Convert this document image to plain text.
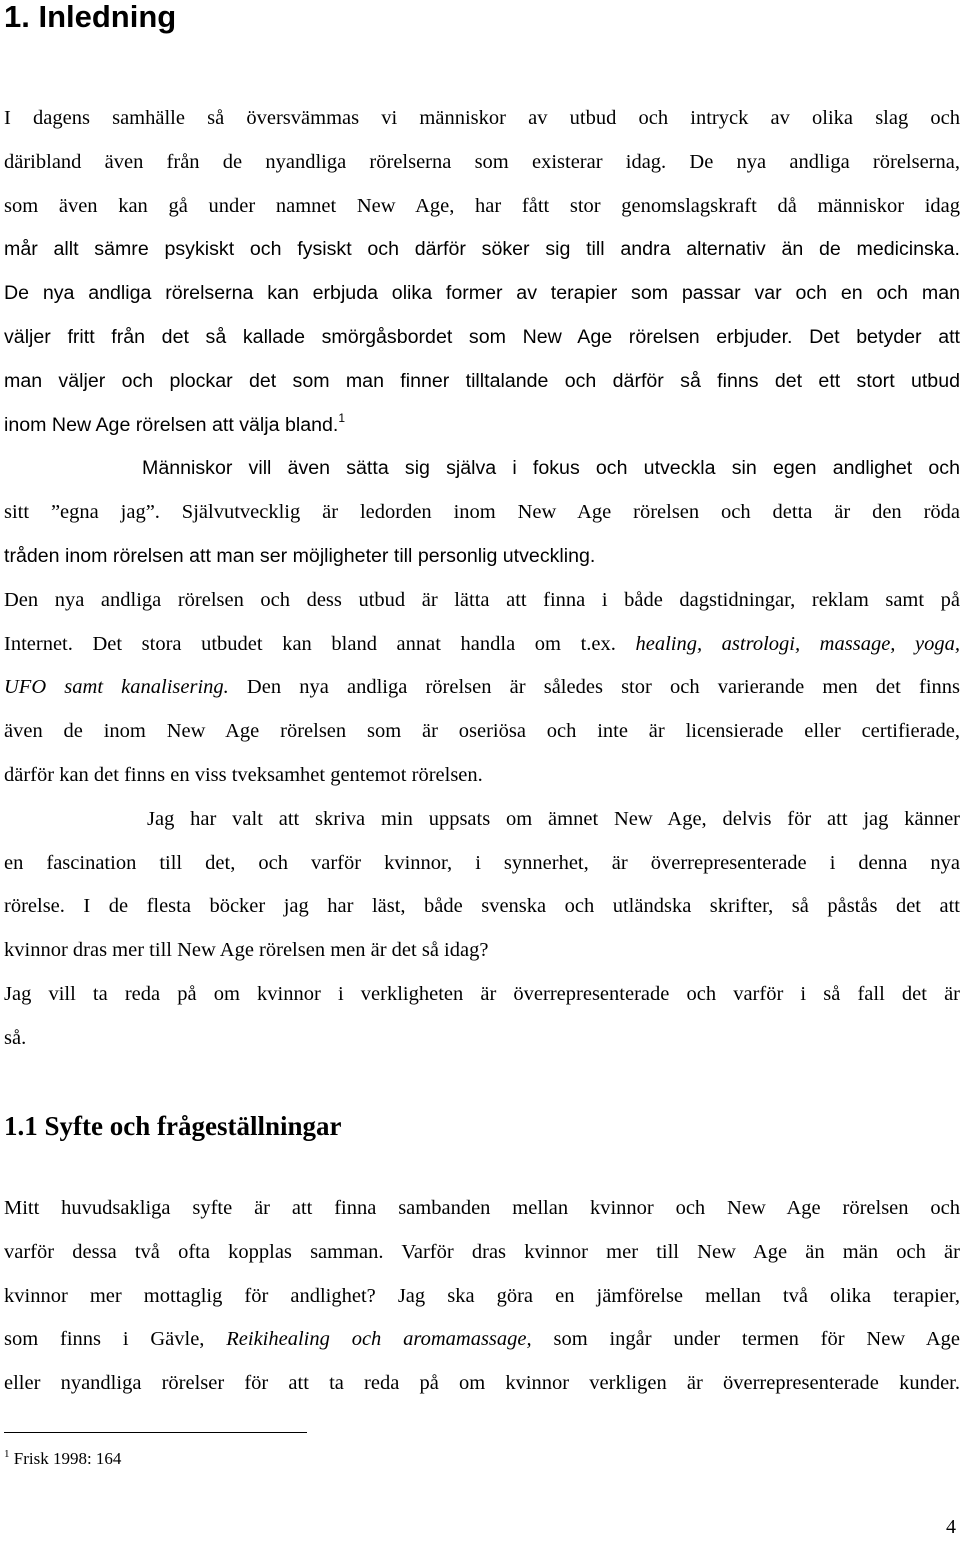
1. Inledning
I dagens samhälle så översvämmas vi människor av utbud och intryck av olika slag och
däribland även från de nyandliga rörelserna som existerar idag. De nya andliga rörelserna,
som även kan gå under namnet New Age, har fått stor genomslagskraft då människor idag
mår allt sämre psykiskt och fysiskt och därför söker sig till andra alternativ än de medicinska.
De nya andliga rörelserna kan erbjuda olika former av terapier som passar var och en och man
väljer fritt från det så kallade smörgåsbordet som New Age rörelsen erbjuder. Det betyder att
man väljer och plockar det som man finner tilltalande och därför så finns det ett stort utbud
inom New Age rörelsen att välja bland.$^1$
Människor vill även sätta sig själva i fokus och utveckla sin egen andlighet och
sitt ”egna jag”. Självutvecklig är ledorden inom New Age rörelsen och detta är den röda
tråden inom rörelsen att man ser möjligheter till personlig utveckling.
Den nya andliga rörelsen och dess utbud är lätta att finna i både dagstidningar, reklam samt på
Internet. Det stora utbudet kan bland annat handla om t.ex. healing, astrologi, massage, yoga,
UFO samt kanalisering. Den nya andliga rörelsen är således stor och varierande men det finns
även de inom New Age rörelsen som är oseriösa och inte är licensierade eller certifierade,
därför kan det finns en viss tveksamhet gentemot rörelsen.
Jag har valt att skriva min uppsats om ämnet New Age, delvis för att jag känner
en fascination till det, och varför kvinnor, i synnerhet, är överrepresenterade i denna nya
rörelse. I de flesta böcker jag har läst, både svenska och utländska skrifter, så påstås det att
kvinnor dras mer till New Age rörelsen men är det så idag?
Jag vill ta reda på om kvinnor i verkligheten är överrepresenterade och varför i så fall det är
så.
1.1 Syfte och frågeställningar
Mitt huvudsakliga syfte är att finna sambanden mellan kvinnor och New Age rörelsen och
varför dessa två ofta kopplas samman. Varför dras kvinnor mer till New Age än män och är
kvinnor mer mottaglig för andlighet? Jag ska göra en jämförelse mellan två olika terapier,
som finns i Gävle, Reikihealing och aromamassage, som ingår under termen för New Age
eller nyandliga rörelser för att ta reda på om kvinnor verkligen är överrepresenterade kunder.
$^1$ Frisk 1998: 164
4
